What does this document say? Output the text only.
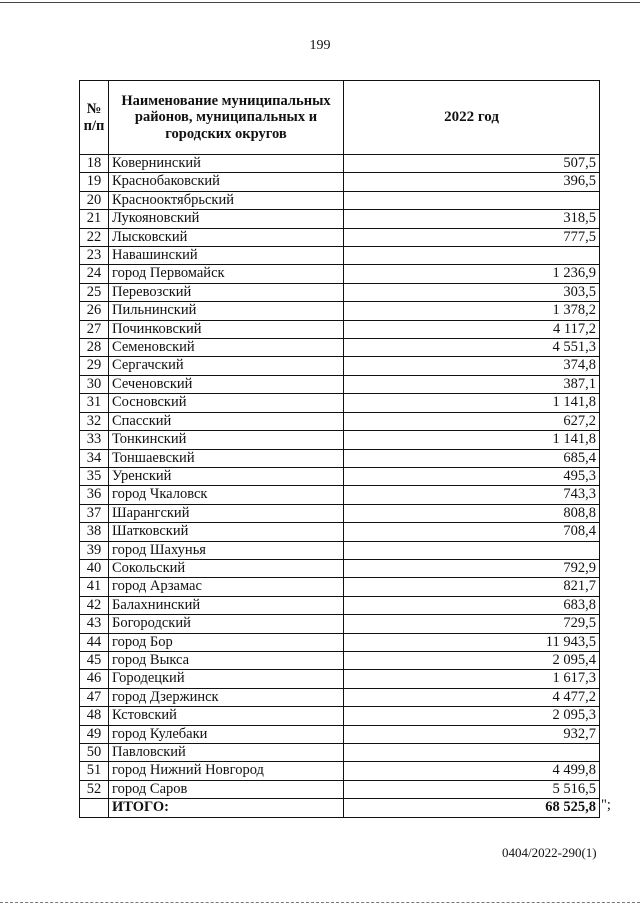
199
№ п/п	Наименование муниципальных районов, муниципальных и городских округов	2022 год
18	Ковернинский	507,5
19	Краснобаковский	396,5
20	Краснооктябрьский	
21	Лукояновский	318,5
22	Лысковский	777,5
23	Навашинский	
24	город Первомайск	1 236,9
25	Перевозский	303,5
26	Пильнинский	1 378,2
27	Починковский	4 117,2
28	Семеновский	4 551,3
29	Сергачский	374,8
30	Сеченовский	387,1
31	Сосновский	1 141,8
32	Спасский	627,2
33	Тонкинский	1 141,8
34	Тоншаевский	685,4
35	Уренский	495,3
36	город Чкаловск	743,3
37	Шарангский	808,8
38	Шатковский	708,4
39	город Шахунья	
40	Сокольский	792,9
41	город Арзамас	821,7
42	Балахнинский	683,8
43	Богородский	729,5
44	город Бор	11 943,5
45	город Выкса	2 095,4
46	Городецкий	1 617,3
47	город Дзержинск	4 477,2
48	Кстовский	2 095,3
49	город Кулебаки	932,7
50	Павловский	
51	город Нижний Новгород	4 499,8
52	город Саров	5 516,5
	ИТОГО:	68 525,8 ";
0404/2022-290(1)
